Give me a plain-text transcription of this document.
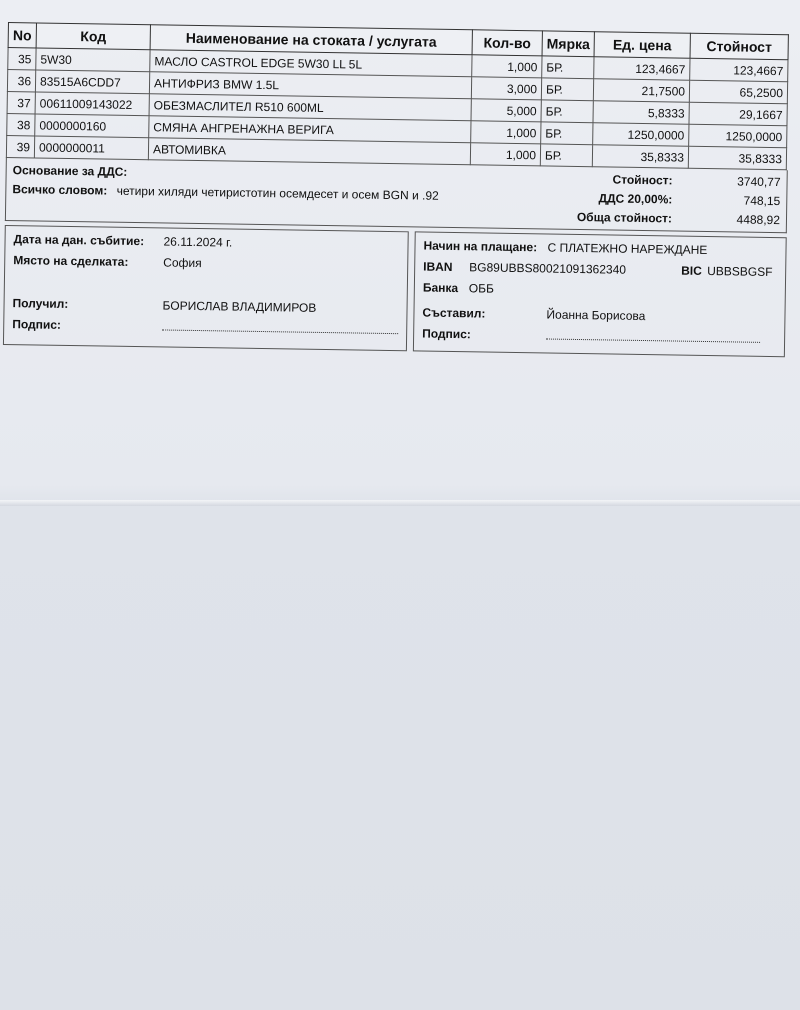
No	Код	Наименование на стоката / услугата	Кол-во	Мярка	Ед. цена	Стойност
35	5W30	МАСЛО CASTROL EDGE 5W30 LL 5L	1,000	БР.	123,4667	123,4667
36	83515A6CDD7	АНТИФРИЗ BMW 1.5L	3,000	БР.	21,7500	65,2500
37	00611009143022	ОБЕЗМАСЛИТЕЛ R510 600ML	5,000	БР.	5,8333	29,1667
38	0000000160	СМЯНА АНГРЕНАЖНА ВЕРИГА	1,000	БР.	1250,0000	1250,0000
39	0000000011	АВТОМИВКА	1,000	БР.	35,8333	35,8333
Основание за ДДС:
Стойност:	3740,77
Всичко словом: четири хиляди четиристотин осемдесет и осем BGN и .92	ДДС 20,00%:	748,15
Обща стойност:	4488,92
Дата на дан. събитие: 26.11.2024 г.
Място на сделката:	София
Получил:	БОРИСЛАВ ВЛАДИМИРОВ
Подпис:
Начин на плащане: С ПЛАТЕЖНО НАРЕЖДАНЕ
IBAN BG89UBBS80021091362340	BIC UBBSBGSF
Банка ОББ
Съставил:	Йоанна Борисова
Подпис:
